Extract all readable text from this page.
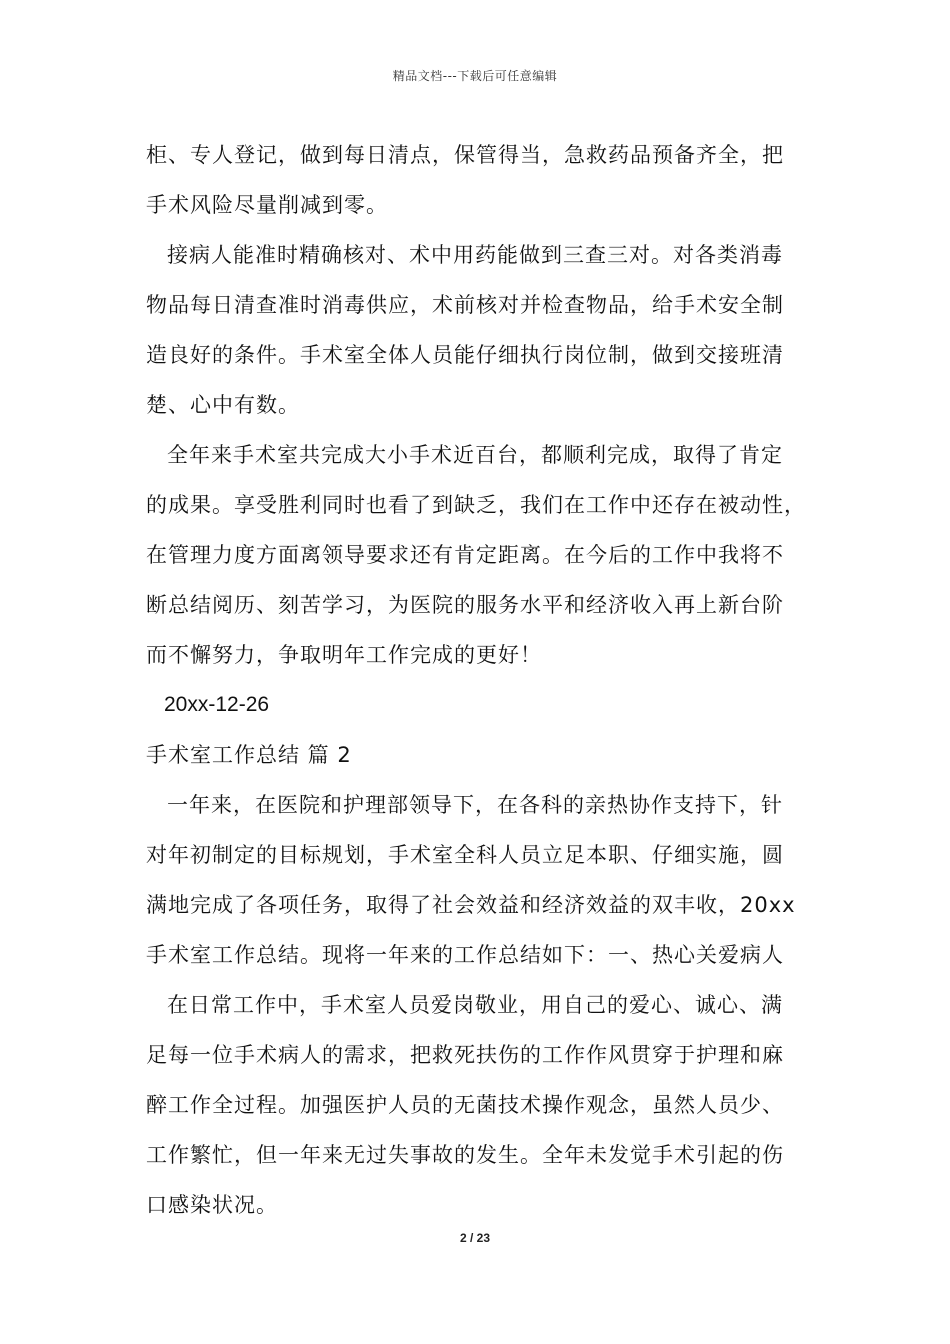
精品文档---下载后可任意编辑
柜、专人登记，做到每日清点，保管得当，急救药品预备齐全，把
手术风险尽量削减到零。
接病人能准时精确核对、术中用药能做到三查三对。对各类消毒
物品每日清查准时消毒供应，术前核对并检查物品，给手术安全制
造良好的条件。手术室全体人员能仔细执行岗位制，做到交接班清
楚、心中有数。
全年来手术室共完成大小手术近百台，都顺利完成，取得了肯定
的成果。享受胜利同时也看了到缺乏，我们在工作中还存在被动性，
在管理力度方面离领导要求还有肯定距离。在今后的工作中我将不
断总结阅历、刻苦学习，为医院的服务水平和经济收入再上新台阶
而不懈努力，争取明年工作完成的更好！
20xx-12-26
手术室工作总结 篇 2
一年来，在医院和护理部领导下，在各科的亲热协作支持下，针
对年初制定的目标规划，手术室全科人员立足本职、仔细实施，圆
满地完成了各项任务，取得了社会效益和经济效益的双丰收，20xx
手术室工作总结。现将一年来的工作总结如下：一、热心关爱病人
在日常工作中，手术室人员爱岗敬业，用自己的爱心、诚心、满
足每一位手术病人的需求，把救死扶伤的工作作风贯穿于护理和麻
醉工作全过程。加强医护人员的无菌技术操作观念，虽然人员少、
工作繁忙，但一年来无过失事故的发生。全年未发觉手术引起的伤
口感染状况。
2 / 23
